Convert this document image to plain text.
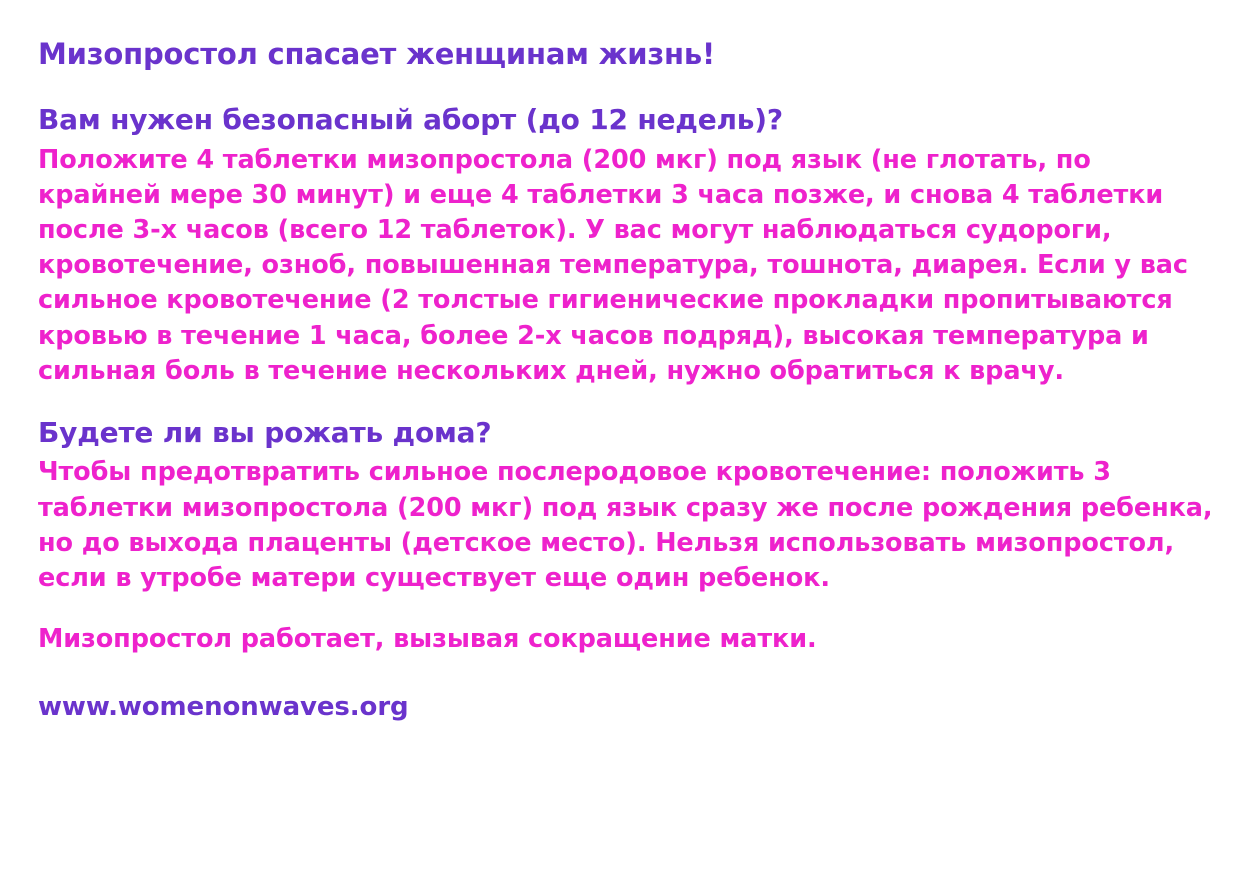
Мизопростол спасает женщинам жизнь!
Вам нужен безопасный аборт (до 12 недель)?

Положите 4 таблетки мизопростола (200 мкг) под язык (не глотать, по крайней мере 30 минут) и еще 4 таблетки 3 часа позже, и снова 4 таблетки после 3-х часов (всего 12 таблеток). У вас могут наблюдаться судороги, кровотечение, озноб, повышенная температура, тошнота, диарея. Если у вас сильное кровотечение (2 толстые гигиенические прокладки пропитываются кровью в течение 1 часа, более 2-х часов подряд), высокая температура и сильная боль в течение нескольких дней, нужно обратиться к врачу.

Будете ли вы рожать дома?

Чтобы предотвратить сильное послеродовое кровотечение: положить 3 таблетки мизопростола (200 мкг) под язык сразу же после рождения ребенка, но до выхода плаценты (детское место). Нельзя использовать мизопростол, если в утробе матери существует еще один ребенок.

Мизопростол работает, вызывая сокращение матки.

www.womenonwaves.org
